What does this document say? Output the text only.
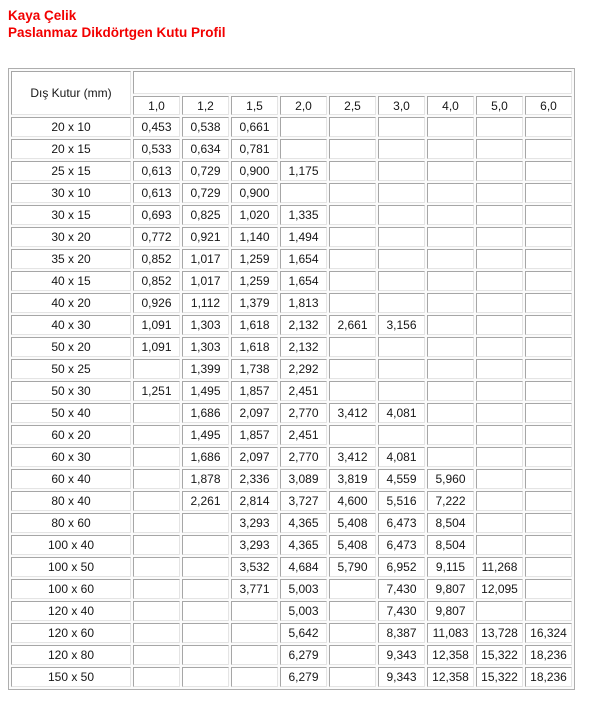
Kaya Çelik
Paslanmaz Dikdörtgen Kutu Profil
Dış Kutur (mm)									
	1,0	1,2	1,5	2,0	2,5	3,0	4,0	5,0	6,0
20 x 10	0,453	0,538	0,661						
20 x 15	0,533	0,634	0,781						
25 x 15	0,613	0,729	0,900	1,175					
30 x 10	0,613	0,729	0,900						
30 x 15	0,693	0,825	1,020	1,335					
30 x 20	0,772	0,921	1,140	1,494					
35 x 20	0,852	1,017	1,259	1,654					
40 x 15	0,852	1,017	1,259	1,654					
40 x 20	0,926	1,112	1,379	1,813					
40 x 30	1,091	1,303	1,618	2,132	2,661	3,156			
50 x 20	1,091	1,303	1,618	2,132					
50 x 25		1,399	1,738	2,292					
50 x 30	1,251	1,495	1,857	2,451					
50 x 40		1,686	2,097	2,770	3,412	4,081			
60 x 20		1,495	1,857	2,451					
60 x 30		1,686	2,097	2,770	3,412	4,081			
60 x 40		1,878	2,336	3,089	3,819	4,559	5,960		
80 x 40		2,261	2,814	3,727	4,600	5,516	7,222		
80 x 60			3,293	4,365	5,408	6,473	8,504		
100 x 40			3,293	4,365	5,408	6,473	8,504		
100 x 50			3,532	4,684	5,790	6,952	9,115	11,268	
100 x 60			3,771	5,003		7,430	9,807	12,095	
120 x 40				5,003		7,430	9,807		
120 x 60				5,642		8,387	11,083	13,728	16,324
120 x 80				6,279		9,343	12,358	15,322	18,236
150 x 50				6,279		9,343	12,358	15,322	18,236
